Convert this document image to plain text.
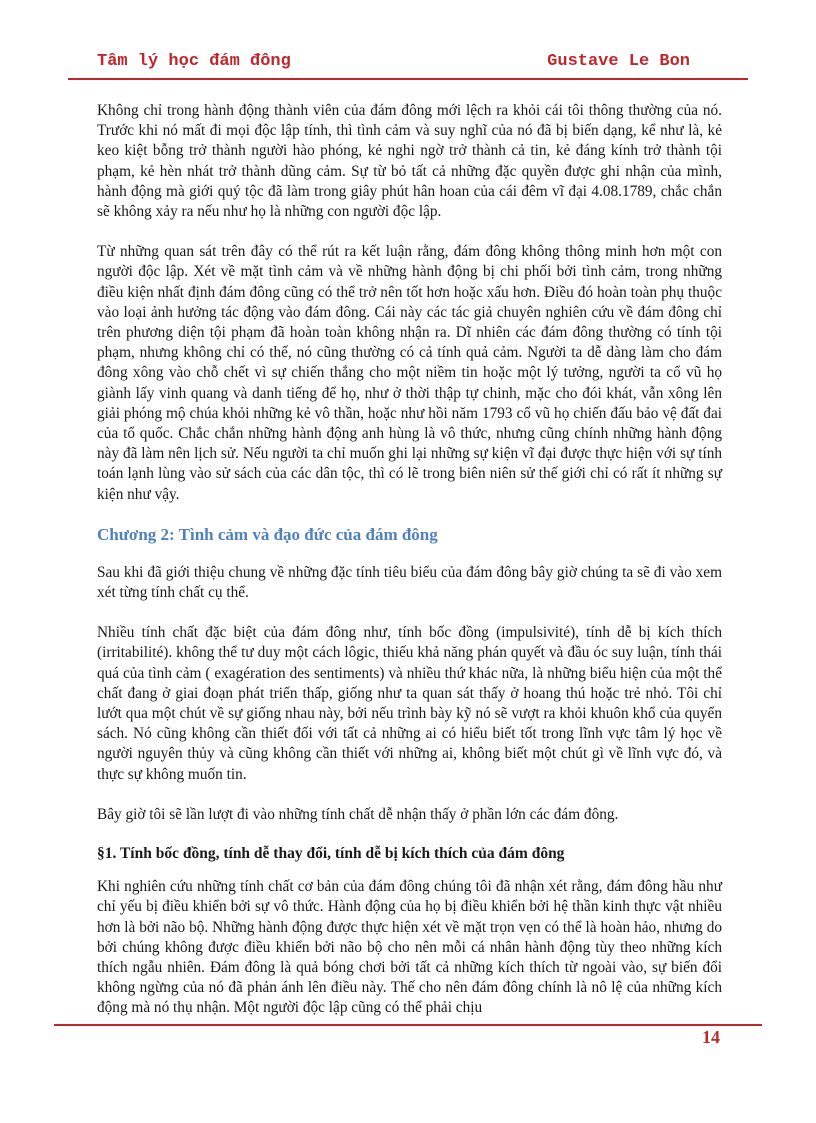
Tâm lý học đám đông	Gustave Le Bon

Không chỉ trong hành động thành viên của đám đông mới lệch ra khỏi cái tôi thông thường của nó. Trước khi nó mất đi mọi độc lập tính, thì tình cảm và suy nghĩ của nó đã bị biến dạng, kể như là, kẻ keo kiệt bỗng trở thành người hào phóng, kẻ nghi ngờ trở thành cả tin, kẻ đáng kính trở thành tội phạm, kẻ hèn nhát trở thành dũng cảm. Sự từ bỏ tất cả những đặc quyền được ghi nhận của mình, hành động mà giới quý tộc đã làm trong giây phút hân hoan của cái đêm vĩ đại 4.08.1789, chắc chắn sẽ không xảy ra nếu như họ là những con người độc lập.

Từ những quan sát trên đây có thể rút ra kết luận rằng, đám đông không thông minh hơn một con người độc lập. Xét về mặt tình cảm và về những hành động bị chi phối bởi tình cảm, trong những điều kiện nhất định đám đông cũng có thể trở nên tốt hơn hoặc xấu hơn. Điều đó hoàn toàn phụ thuộc vào loại ảnh hưởng tác động vào đám đông. Cái này các tác giả chuyên nghiên cứu về đám đông chỉ trên phương diện tội phạm đã hoàn toàn không nhận ra. Dĩ nhiên các đám đông thường có tính tội phạm, nhưng không chỉ có thế, nó cũng thường có cả tính quả cảm. Người ta dễ dàng làm cho đám đông xông vào chỗ chết vì sự chiến thắng cho một niềm tin hoặc một lý tưởng, người ta cổ vũ họ giành lấy vinh quang và danh tiếng để họ, như ở thời thập tự chinh, mặc cho đói khát, vẫn xông lên giải phóng mộ chúa khỏi những kẻ vô thần, hoặc như hồi năm 1793 cổ vũ họ chiến đấu bảo vệ đất đai của tổ quốc. Chắc chắn những hành động anh hùng là vô thức, nhưng cũng chính những hành động này đã làm nên lịch sử. Nếu người ta chỉ muốn ghi lại những sự kiện vĩ đại được thực hiện với sự tính toán lạnh lùng vào sử sách của các dân tộc, thì có lẽ trong biên niên sử thế giới chỉ có rất ít những sự kiện như vậy.

Chương 2: Tình cảm và đạo đức của đám đông

Sau khi đã giới thiệu chung về những đặc tính tiêu biểu của đám đông bây giờ chúng ta sẽ đi vào xem xét từng tính chất cụ thể.

Nhiều tính chất đặc biệt của đám đông như, tính bốc đồng (impulsivité), tính dễ bị kích thích (irritabilité). không thể tư duy một cách lôgic, thiếu khả năng phán quyết và đầu óc suy luận, tính thái quá của tình cảm ( exagération des sentiments) và nhiều thứ khác nữa, là những biểu hiện của một thể chất đang ở giai đoạn phát triển thấp, giống như ta quan sát thấy ở hoang thú hoặc trẻ nhỏ. Tôi chỉ lướt qua một chút về sự giống nhau này, bởi nếu trình bày kỹ nó sẽ vượt ra khỏi khuôn khổ của quyển sách. Nó cũng không cần thiết đối với tất cả những ai có hiểu biết tốt trong lĩnh vực tâm lý học về người nguyên thủy và cũng không cần thiết với những ai, không biết một chút gì về lĩnh vực đó, và thực sự không muốn tin.

Bây giờ tôi sẽ lần lượt đi vào những tính chất dễ nhận thấy ở phần lớn các đám đông.

§1. Tính bốc đồng, tính dễ thay đổi, tính dễ bị kích thích của đám đông

Khi nghiên cứu những tính chất cơ bản của đám đông chúng tôi đã nhận xét rằng, đám đông hầu như chỉ yếu bị điều khiển bởi sự vô thức. Hành động của họ bị điều khiển bởi hệ thần kinh thực vật nhiều hơn là bởi não bộ. Những hành động được thực hiện xét về mặt trọn vẹn có thể là hoàn hảo, nhưng do bởi chúng không được điều khiển bởi não bộ cho nên mỗi cá nhân hành động tùy theo những kích thích ngẫu nhiên. Đám đông là quả bóng chơi bởi tất cả những kích thích từ ngoài vào, sự biến đổi không ngừng của nó đã phản ánh lên điều này. Thế cho nên đám đông chính là nô lệ của những kích động mà nó thụ nhận. Một người độc lập cũng có thể phải chịu

14
